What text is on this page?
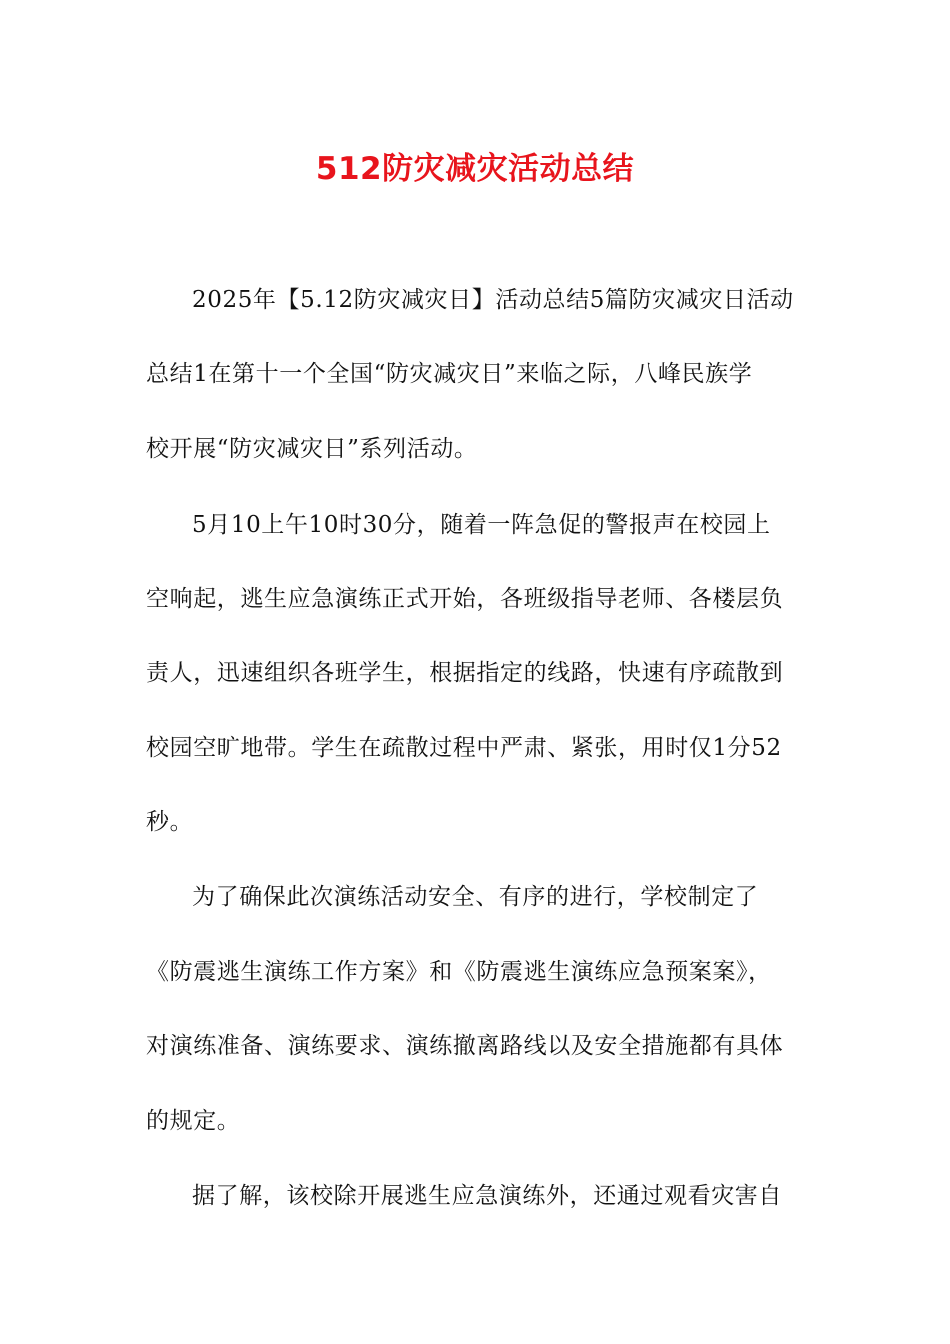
512防灾减灾活动总结
2025年【5.12防灾减灾日】活动总结5篇防灾减灾日活动
总结1在第十一个全国“防灾减灾日”来临之际，八峰民族学
校开展“防灾减灾日”系列活动。
5月10上午10时30分，随着一阵急促的警报声在校园上
空响起，逃生应急演练正式开始，各班级指导老师、各楼层负
责人，迅速组织各班学生，根据指定的线路，快速有序疏散到
校园空旷地带。学生在疏散过程中严肃、紧张，用时仅1分52
秒。
为了确保此次演练活动安全、有序的进行，学校制定了
《防震逃生演练工作方案》和《防震逃生演练应急预案案》，
对演练准备、演练要求、演练撤离路线以及安全措施都有具体
的规定。
据了解，该校除开展逃生应急演练外，还通过观看灾害自
